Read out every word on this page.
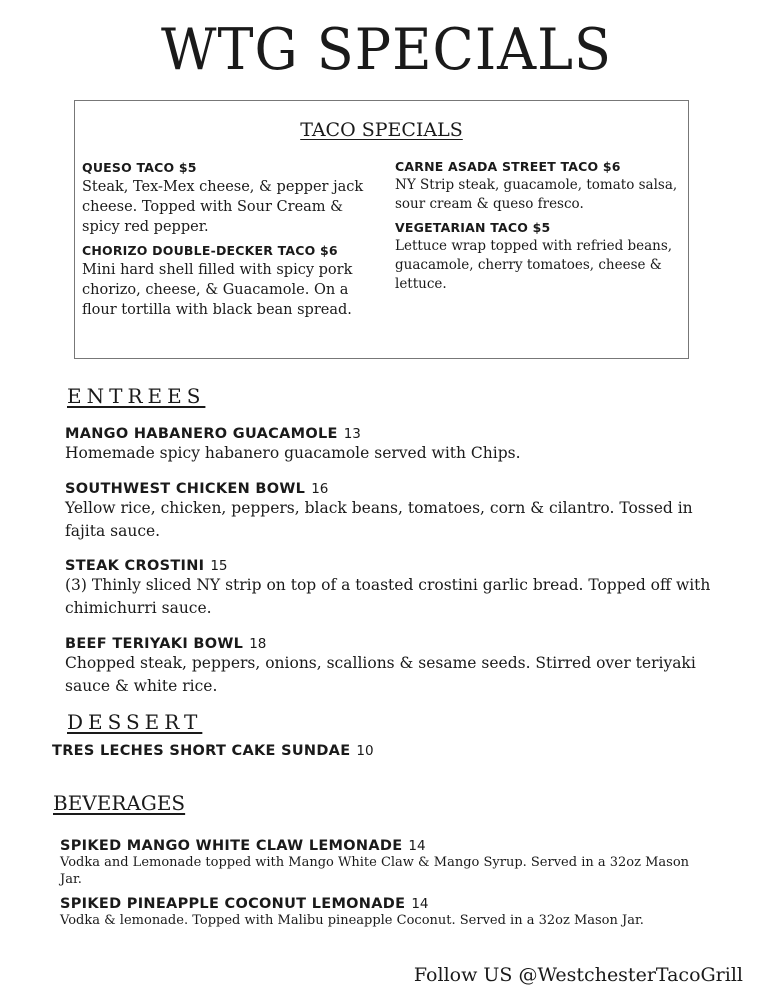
WTG SPECIALS
TACO SPECIALS
QUESO TACO $5
Steak, Tex-Mex cheese, & pepper jack cheese. Topped with Sour Cream & spicy red pepper.
CHORIZO DOUBLE-DECKER TACO $6
Mini hard shell filled with spicy pork chorizo, cheese, & Guacamole. On a flour tortilla with black bean spread.
CARNE ASADA STREET TACO $6
NY Strip steak, guacamole, tomato salsa, sour cream & queso fresco.
VEGETARIAN TACO $5
Lettuce wrap topped with refried beans, guacamole, cherry tomatoes, cheese & lettuce.
ENTREES
MANGO HABANERO GUACAMOLE 13
Homemade spicy habanero guacamole served with Chips.
SOUTHWEST CHICKEN BOWL 16
Yellow rice, chicken, peppers, black beans, tomatoes, corn & cilantro. Tossed in fajita sauce.
STEAK CROSTINI 15
(3) Thinly sliced NY strip on top of a toasted crostini garlic bread. Topped off with chimichurri sauce.
BEEF TERIYAKI BOWL 18
Chopped steak, peppers, onions, scallions & sesame seeds. Stirred over teriyaki sauce & white rice.
DESSERT
TRES LECHES SHORT CAKE SUNDAE 10
BEVERAGES
SPIKED MANGO WHITE CLAW LEMONADE 14
Vodka and Lemonade topped with Mango White Claw & Mango Syrup. Served in a 32oz Mason Jar.
SPIKED PINEAPPLE COCONUT LEMONADE 14
Vodka & lemonade. Topped with Malibu pineapple Coconut. Served in a 32oz Mason Jar.
Follow US @WestchesterTacoGrill
